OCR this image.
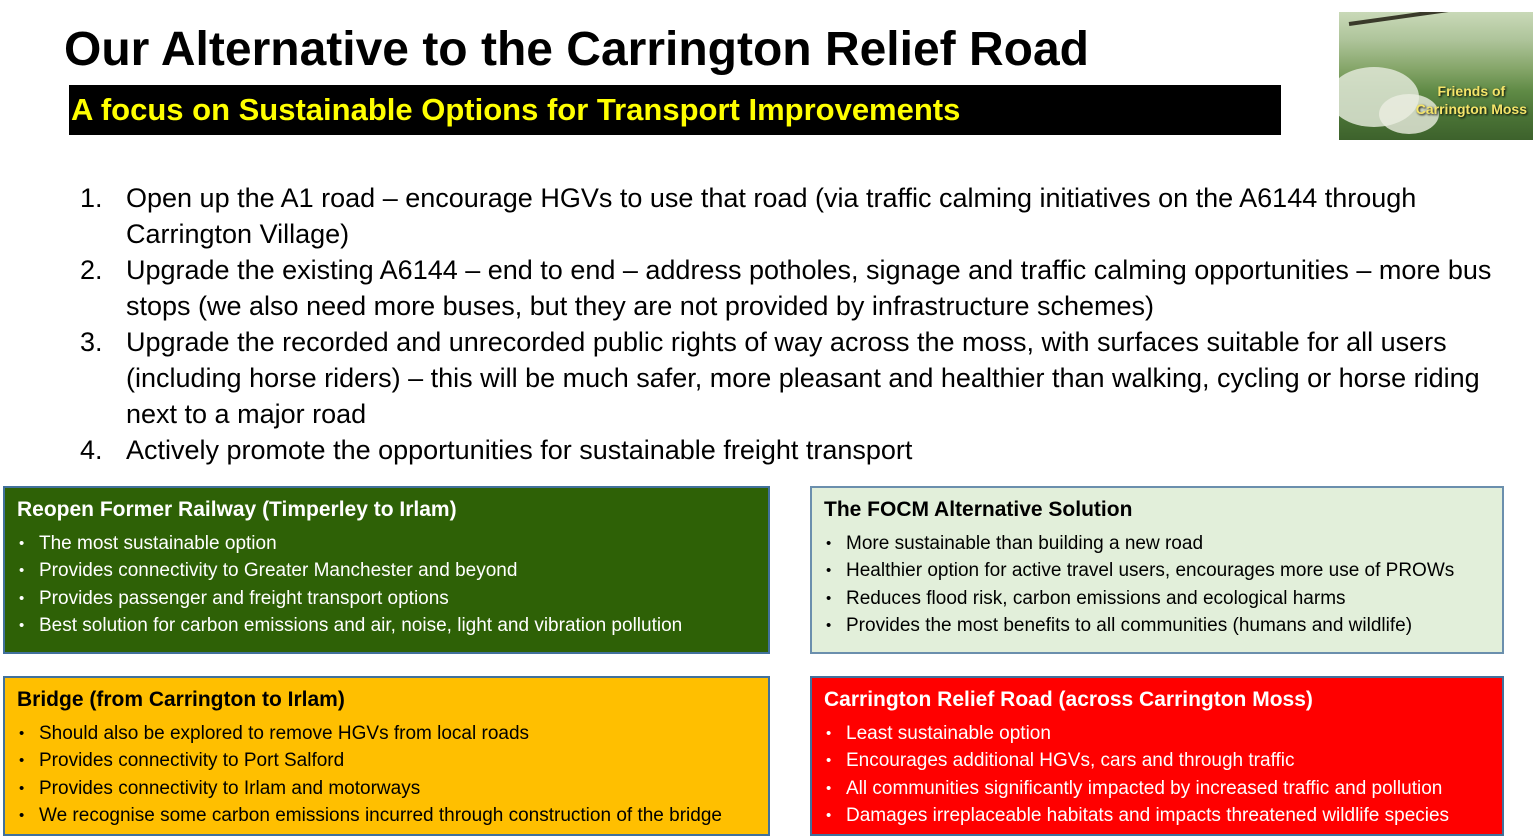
Our Alternative to the Carrington Relief Road
A focus on Sustainable Options for Transport Improvements
Friends of
Carrington Moss
1. Open up the A1 road – encourage HGVs to use that road (via traffic calming initiatives on the A6144 through Carrington Village)
2. Upgrade the existing A6144 – end to end – address potholes, signage and traffic calming opportunities – more bus stops (we also need more buses, but they are not provided by infrastructure schemes)
3. Upgrade the recorded and unrecorded public rights of way across the moss, with surfaces suitable for all users (including horse riders) – this will be much safer, more pleasant and healthier than walking, cycling or horse riding next to a major road
4. Actively promote the opportunities for sustainable freight transport
Reopen Former Railway (Timperley to Irlam)
• The most sustainable option
• Provides connectivity to Greater Manchester and beyond
• Provides passenger and freight transport options
• Best solution for carbon emissions and air, noise, light and vibration pollution
The FOCM Alternative Solution
• More sustainable than building a new road
• Healthier option for active travel users, encourages more use of PROWs
• Reduces flood risk, carbon emissions and ecological harms
• Provides the most benefits to all communities (humans and wildlife)
Bridge (from Carrington to Irlam)
• Should also be explored to remove HGVs from local roads
• Provides connectivity to Port Salford
• Provides connectivity to Irlam and motorways
• We recognise some carbon emissions incurred through construction of the bridge
Carrington Relief Road (across Carrington Moss)
• Least sustainable option
• Encourages additional HGVs, cars and through traffic
• All communities significantly impacted by increased traffic and pollution
• Damages irreplaceable habitats and impacts threatened wildlife species
